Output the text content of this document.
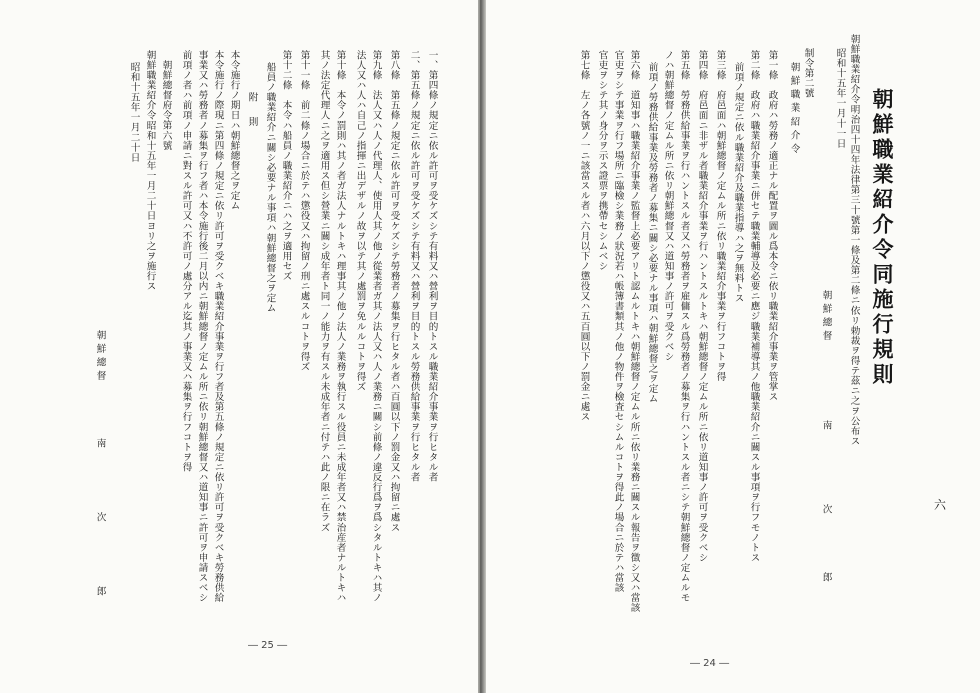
六
朝鮮職業紹介令同施行規則
朝鮮職業紹介令明治四十四年法律第三十號第一條及第二條ニ依リ勅裁ヲ得テ茲ニ之ヲ公布ス
昭和十五年一月十一日
朝鮮總督
南
次
郎
制令第二號
朝鮮職業紹介令
第一條　政府ハ勞務ノ適正ナル配置ヲ圖ル爲本令ニ依リ職業紹介事業ヲ管掌ス
第二條　政府ハ職業紹介事業ニ併セテ職業輔導及必要ニ應ジ職業補導其ノ他職業紹介ニ關スル事項ヲ行フモノトス
前項ノ規定ニ依ル職業紹介及職業指導ハ之ヲ無料トス
第三條　府邑面ハ朝鮮總督ノ定ムル所ニ依リ職業紹介事業ヲ行フコトヲ得
第四條　府邑面ニ非ザル者職業紹介事業ヲ行ハントスルトキハ朝鮮總督ノ定ムル所ニ依リ道知事ノ許可ヲ受クベシ
第五條　勞務供給事業ヲ行ハントスル者又ハ勞務者ヲ雇傭スル爲勞務者ノ募集ヲ行ハントスル者ニシテ朝鮮總督ノ定ムルモ
ノハ朝鮮總督ノ定ムル所ニ依リ朝鮮總督又ハ道知事ノ許可ヲ受クベシ
前項ノ勞務供給事業及勞務者ノ募集ニ關シ必要ナル事項ハ朝鮮總督之ヲ定ム
第六條　道知事ハ職業紹介事業ノ監督上必要アリト認ムルトキハ朝鮮總督ノ定ムル所ニ依リ業務ニ關スル報告ヲ徴シ又ハ當該
官吏ヲシテ事業ヲ行フ場所ニ臨檢シ業務ノ狀況若ハ帳簿書類其ノ他ノ物件ヲ檢査セシムルコトヲ得此ノ場合ニ於テハ當該
官吏ヲシテ其ノ身分ヲ示ス證票ヲ携帶セシムベシ
第七條　左ノ各號ノ一ニ該當スル者ハ六月以下ノ懲役又ハ五百圓以下ノ罰金ニ處ス
― 24 ―
一、第四條ノ規定ニ依ル許可ヲ受ケズシテ有料又ハ營利ヲ目的トスル職業紹介事業ヲ行ヒタル者
二、第五條ノ規定ニ依ル許可ヲ受ケズシテ有料又ハ營利ヲ目的トスル勞務供給事業ヲ行ヒタル者
第八條　第五條ノ規定ニ依ル許可ヲ受ケズシテ勞務者ノ募集ヲ行ヒタル者ハ百圓以下ノ罰金又ハ拘留ニ處ス
第九條　法人又ハ人ノ代理人、使用人其ノ他ノ從業者ガ其ノ法人又ハ人ノ業務ニ關シ前條ノ違反行爲ヲ爲シタルトキハ其ノ
法人又ハ人ハ自己ノ指揮ニ出デザルノ故ヲ以テ其ノ處罰ヲ免ルルコトヲ得ズ
第十條　本令ノ罰則ハ其ノ者ガ法人ナルトキハ理事其ノ他ノ法人ノ業務ヲ執行スル役員ニ未成年者又ハ禁治産者ナルトキハ
其ノ法定代理人ニ之ヲ適用ス但シ營業ニ關シ成年者ト同一ノ能力ヲ有スル未成年者ニ付テハ此ノ限ニ在ラズ
第十一條　前二條ノ場合ニ於テハ懲役又ハ拘留ノ刑ニ處スルコトヲ得ズ
第十二條　本令ハ船員ノ職業紹介ニハ之ヲ適用セズ
船員ノ職業紹介ニ關シ必要ナル事項ハ朝鮮總督之ヲ定ム
附則
本令施行ノ期日ハ朝鮮總督之ヲ定ム
本令施行ノ際現ニ第四條ノ規定ニ依リ許可ヲ受クベキ職業紹介事業ヲ行フ者及第五條ノ規定ニ依リ許可ヲ受クベキ勞務供給
事業又ハ勞務者ノ募集ヲ行フ者ハ本令施行後二月以内ニ朝鮮總督ノ定ムル所ニ依リ朝鮮總督又ハ道知事ニ許可ヲ申請スベシ
前項ノ者ハ前項ノ申請ニ對スル許可又ハ不許可ノ處分アル迄其ノ事業又ハ募集ヲ行フコトヲ得
朝鮮總督府令第六號
朝鮮職業紹介令昭和十五年一月二十日ヨリ之ヲ施行ス
昭和十五年一月二十日
朝鮮總督
南
次
郎
― 25 ―
